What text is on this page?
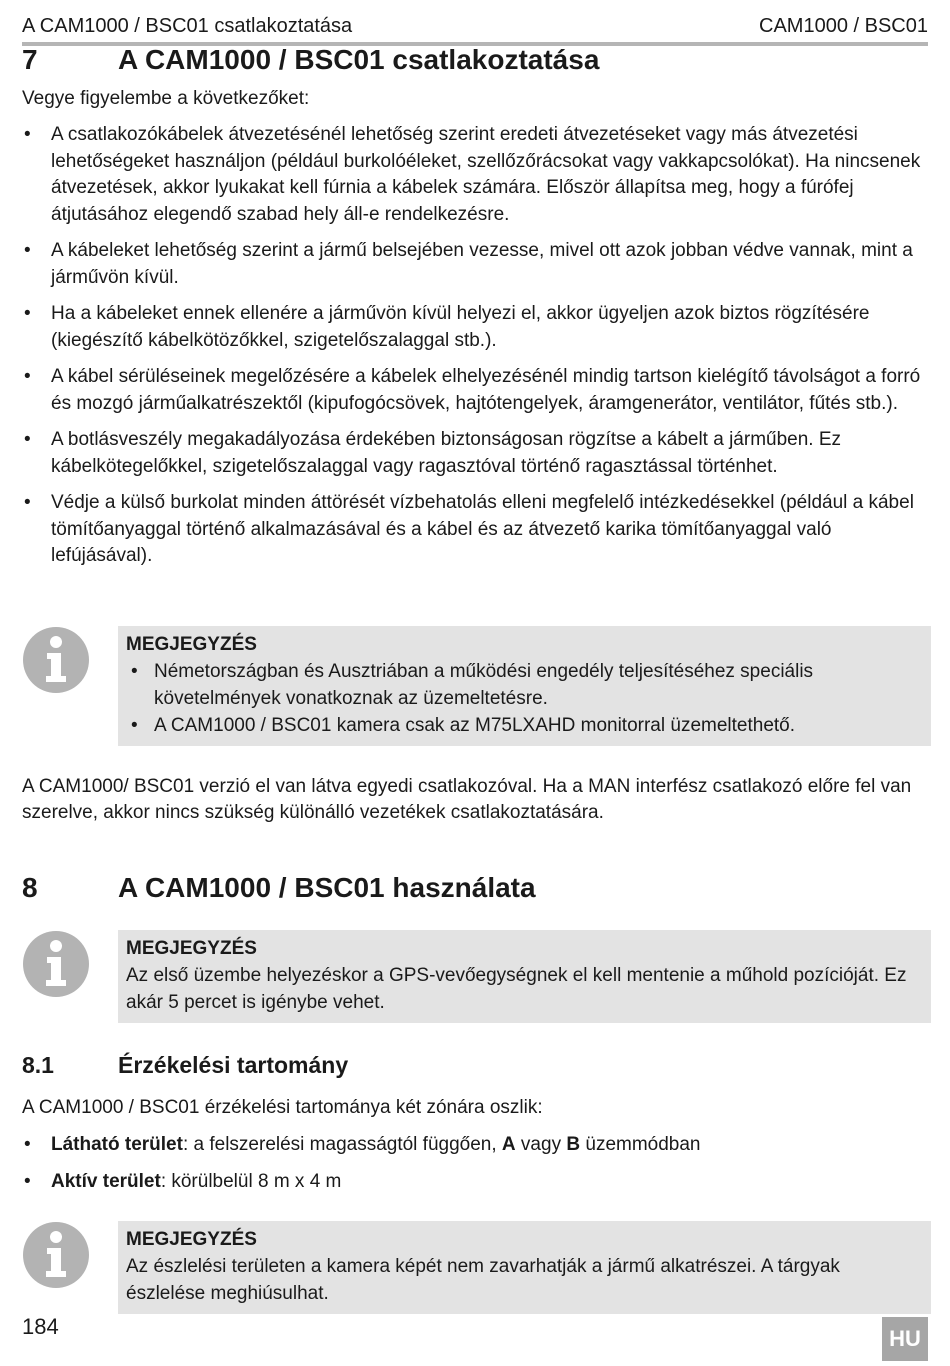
A CAM1000 / BSC01 csatlakoztatása	CAM1000 / BSC01
7	A CAM1000 / BSC01 csatlakoztatása
Vegye figyelembe a következőket:
• A csatlakozókábelek átvezetésénél lehetőség szerint eredeti átvezetéseket vagy más átvezetési lehetőségeket használjon (például burkolóéleket, szellőzőrácsokat vagy vakkapcsolókat). Ha nincsenek átvezetések, akkor lyukakat kell fúrnia a kábelek számára. Először állapítsa meg, hogy a fúrófej átjutásához elegendő szabad hely áll-e rendelkezésre.
• A kábeleket lehetőség szerint a jármű belsejében vezesse, mivel ott azok jobban védve vannak, mint a járművön kívül.
• Ha a kábeleket ennek ellenére a járművön kívül helyezi el, akkor ügyeljen azok biztos rögzítésére (kiegészítő kábelkötözőkkel, szigetelőszalaggal stb.).
• A kábel sérüléseinek megelőzésére a kábelek elhelyezésénél mindig tartson kielégítő távolságot a forró és mozgó járműalkatrészektől (kipufogócsövek, hajtótengelyek, áramgenerátor, ventilátor, fűtés stb.).
• A botlásveszély megakadályozása érdekében biztonságosan rögzítse a kábelt a járműben. Ez kábelkötegelőkkel, szigetelőszalaggal vagy ragasztóval történő ragasztással történhet.
• Védje a külső burkolat minden áttörését vízbehatolás elleni megfelelő intézkedésekkel (például a kábel tömítőanyaggal történő alkalmazásával és a kábel és az átvezető karika tömítőanyaggal való lefújásával).
MEGJEGYZÉS
• Németországban és Ausztriában a működési engedély teljesítéséhez speciális követelmények vonatkoznak az üzemeltetésre.
• A CAM1000 / BSC01 kamera csak az M75LXAHD monitorral üzemeltethető.
A CAM1000/ BSC01 verzió el van látva egyedi csatlakozóval. Ha a MAN interfész csatlakozó előre fel van szerelve, akkor nincs szükség különálló vezetékek csatlakoztatására.
8	A CAM1000 / BSC01 használata
MEGJEGYZÉS
Az első üzembe helyezéskor a GPS-vevőegységnek el kell mentenie a műhold pozícióját. Ez akár 5 percet is igénybe vehet.
8.1	Érzékelési tartomány
A CAM1000 / BSC01 érzékelési tartománya két zónára oszlik:
• Látható terület: a felszerelési magasságtól függően, A vagy B üzemmódban
• Aktív terület: körülbelül 8 m x 4 m
MEGJEGYZÉS
Az észlelési területen a kamera képét nem zavarhatják a jármű alkatrészei. A tárgyak észlelése meghiúsulhat.
184	HU
